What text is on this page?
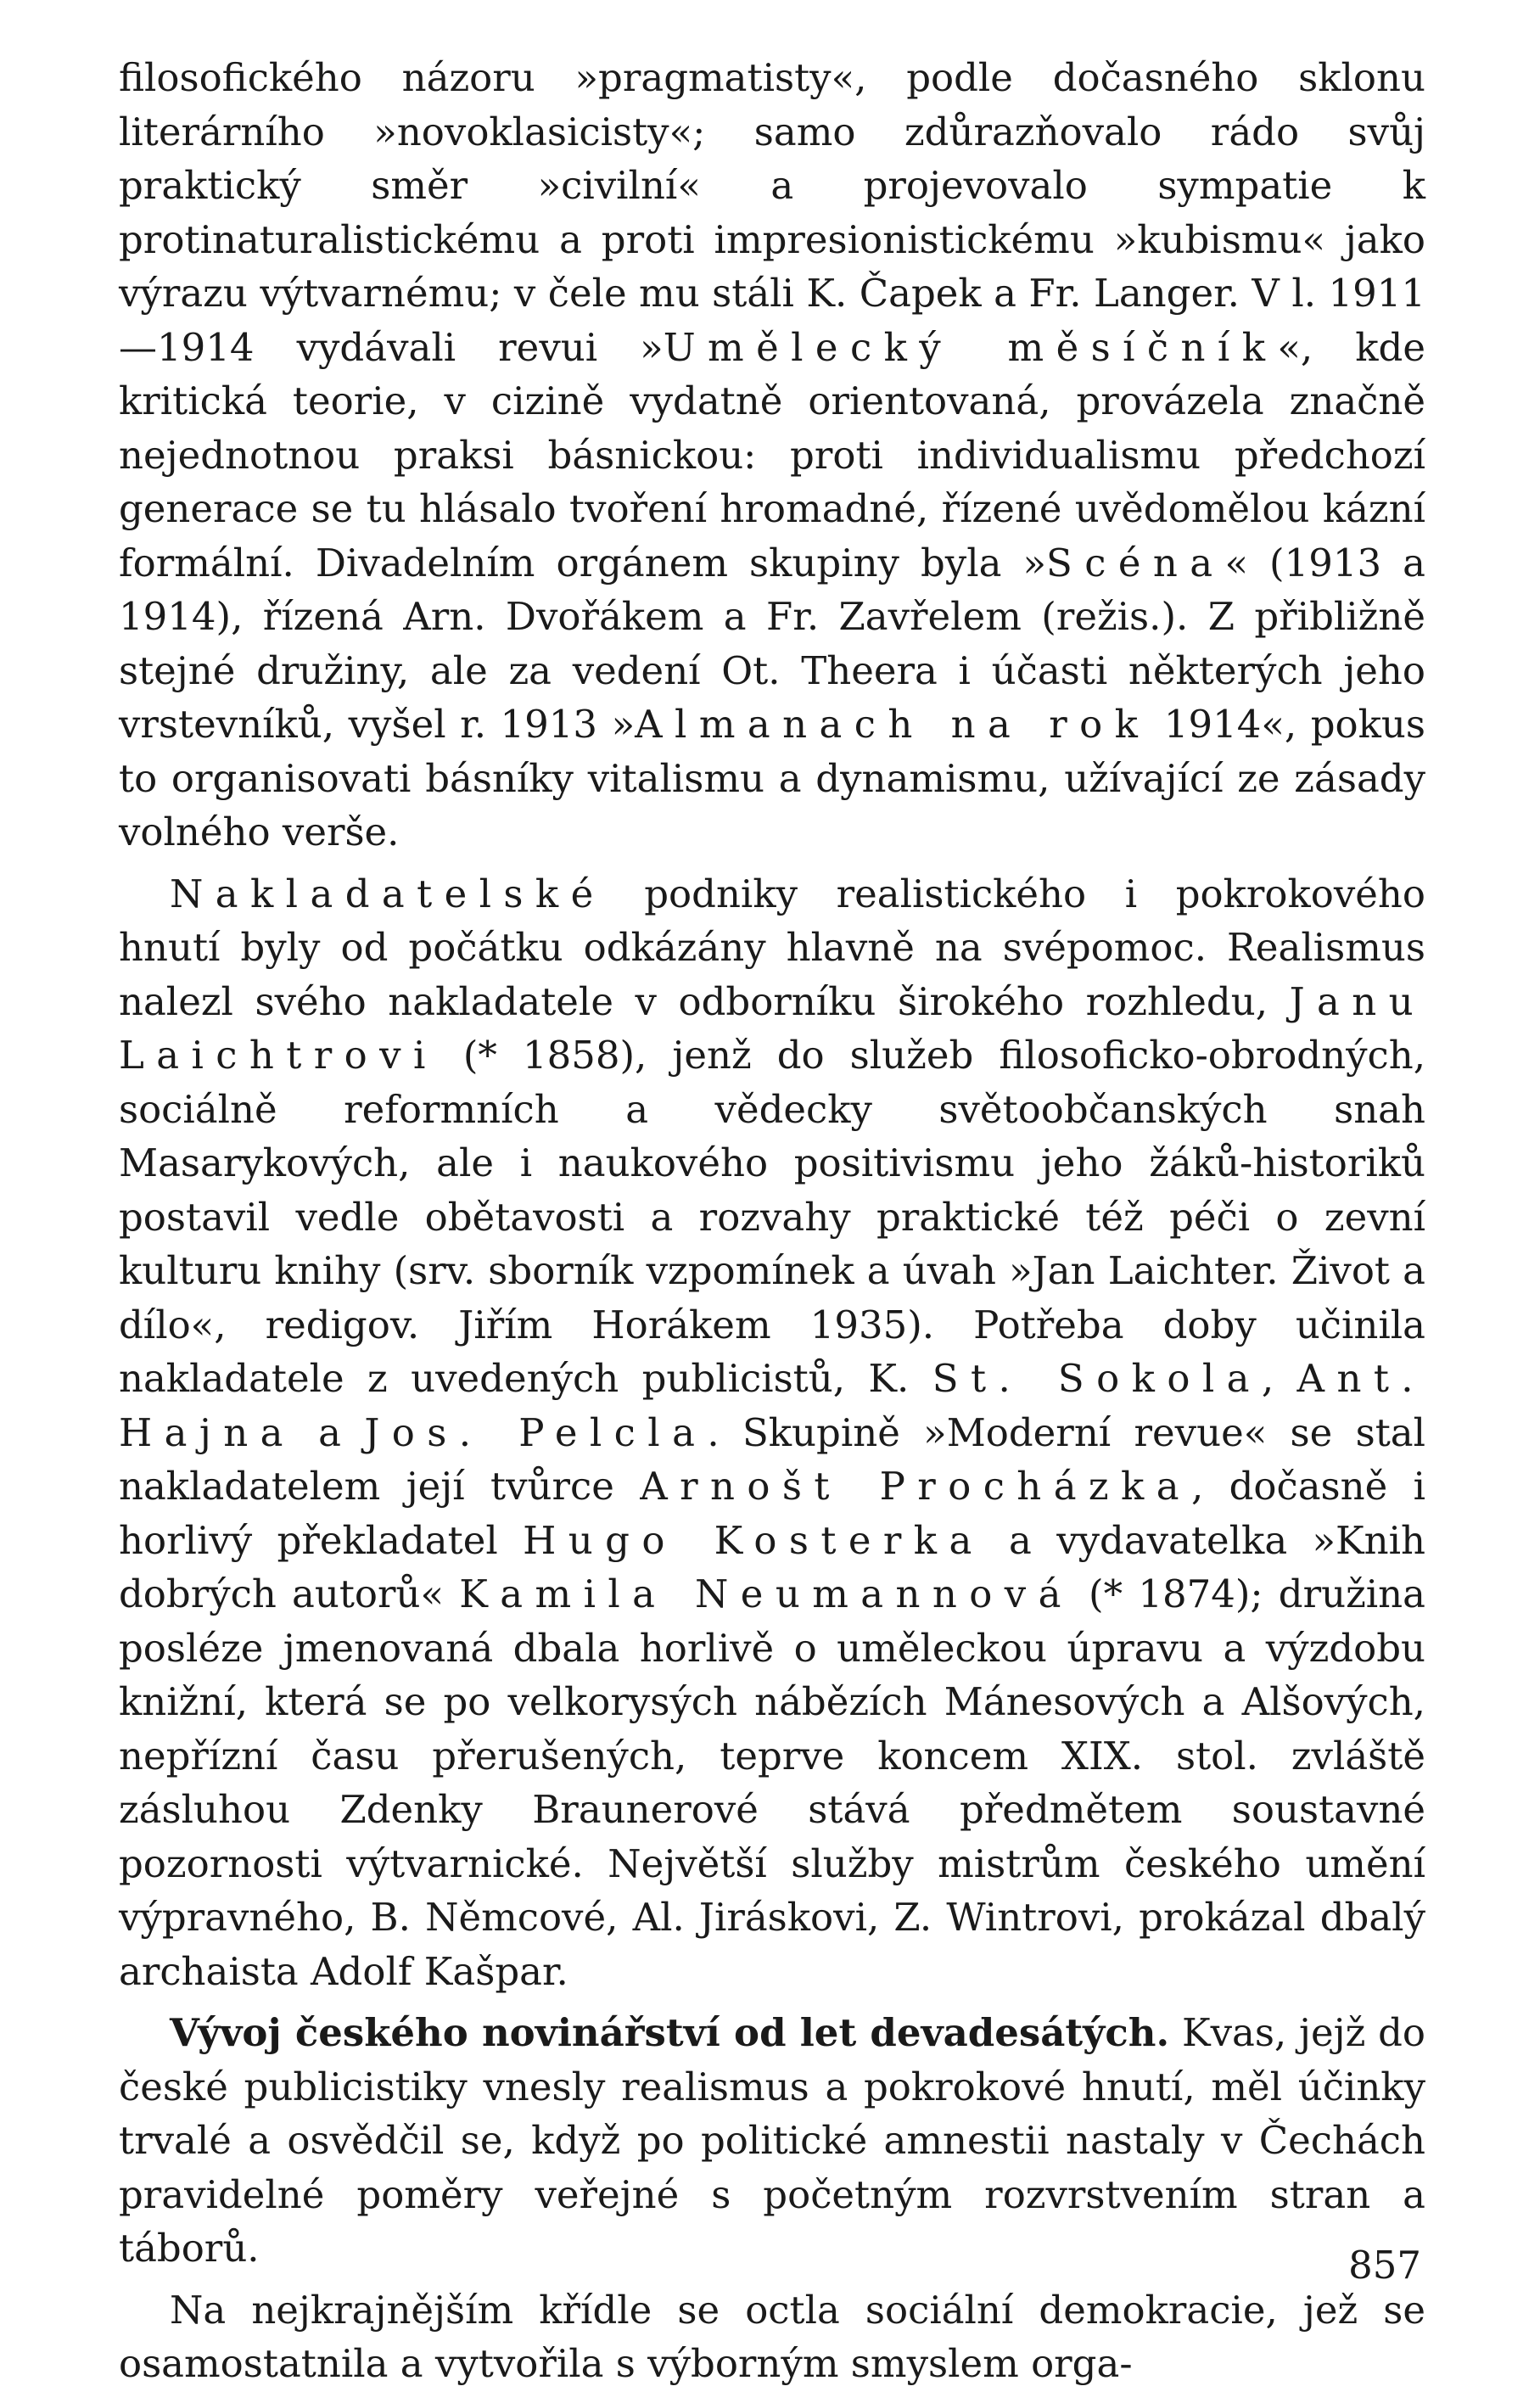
filosofického názoru »pragmatisty«, podle dočasného sklonu literárního »novoklasicisty«; samo zdůrazňovalo rádo svůj praktický směr »civilní« a projevovalo sympatie k protinaturalistickému a proti impresionistickému »kubismu« jako výrazu výtvarnému; v čele mu stáli K. Čapek a Fr. Langer. V l. 1911—1914 vydávali revui »Umělecký měsíčník«, kde kritická teorie, v cizině vydatně orientovaná, provázela značně nejednotnou praksi básnickou: proti individualismu předchozí generace se tu hlásalo tvoření hromadné, řízené uvědomělou kázní formální. Divadelním orgánem skupiny byla »Scéna« (1913 a 1914), řízená Arn. Dvořákem a Fr. Zavřelem (režis.). Z přibližně stejné družiny, ale za vedení Ot. Theera i účasti některých jeho vrstevníků, vyšel r. 1913 »Almanach na rok 1914«, pokus to organisovati básníky vitalismu a dynamismu, užívající ze zásady volného verše.

Nakladatelské podniky realistického i pokrokového hnutí byly od počátku odkázány hlavně na svépomoc. Realismus nalezl svého nakladatele v odborníku širokého rozhledu, Janu Laichtrovi (* 1858), jenž do služeb filosoficko-obrodných, sociálně reformních a vědecky světoobčanských snah Masarykových, ale i naukového positivismu jeho žáků-historiků postavil vedle obětavosti a rozvahy praktické též péči o zevní kulturu knihy (srv. sborník vzpomínek a úvah »Jan Laichter. Život a dílo«, redigov. Jiřím Horákem 1935). Potřeba doby učinila nakladatele z uvedených publicistů, K. St. Sokola, Ant. Hajna a Jos. Pelcla. Skupině »Moderní revue« se stal nakladatelem její tvůrce Arnošt Procházka, dočasně i horlivý překladatel Hugo Kosterka a vydavatelka »Knih dobrých autorů« Kamila Neumannová (* 1874); družina posléze jmenovaná dbala horlivě o uměleckou úpravu a výzdobu knižní, která se po velkorysých nábězích Mánesových a Alšových, nepřízní času přerušených, teprve koncem XIX. stol. zvláště zásluhou Zdenky Braunerové stává předmětem soustavné pozornosti výtvarnické. Největší služby mistrům českého umění výpravného, B. Němcové, Al. Jiráskovi, Z. Wintrovi, prokázal dbalý archaista Adolf Kašpar.

Vývoj českého novinářství od let devadesátých. Kvas, jejž do české publicistiky vnesly realismus a pokrokové hnutí, měl účinky trvalé a osvědčil se, když po politické amnestii nastaly v Čechách pravidelné poměry veřejné s početným rozvrstvením stran a táborů.

Na nejkrajnějším křídle se octla sociální demokracie, jež se osamostatnila a vytvořila s výborným smyslem orga-

857
